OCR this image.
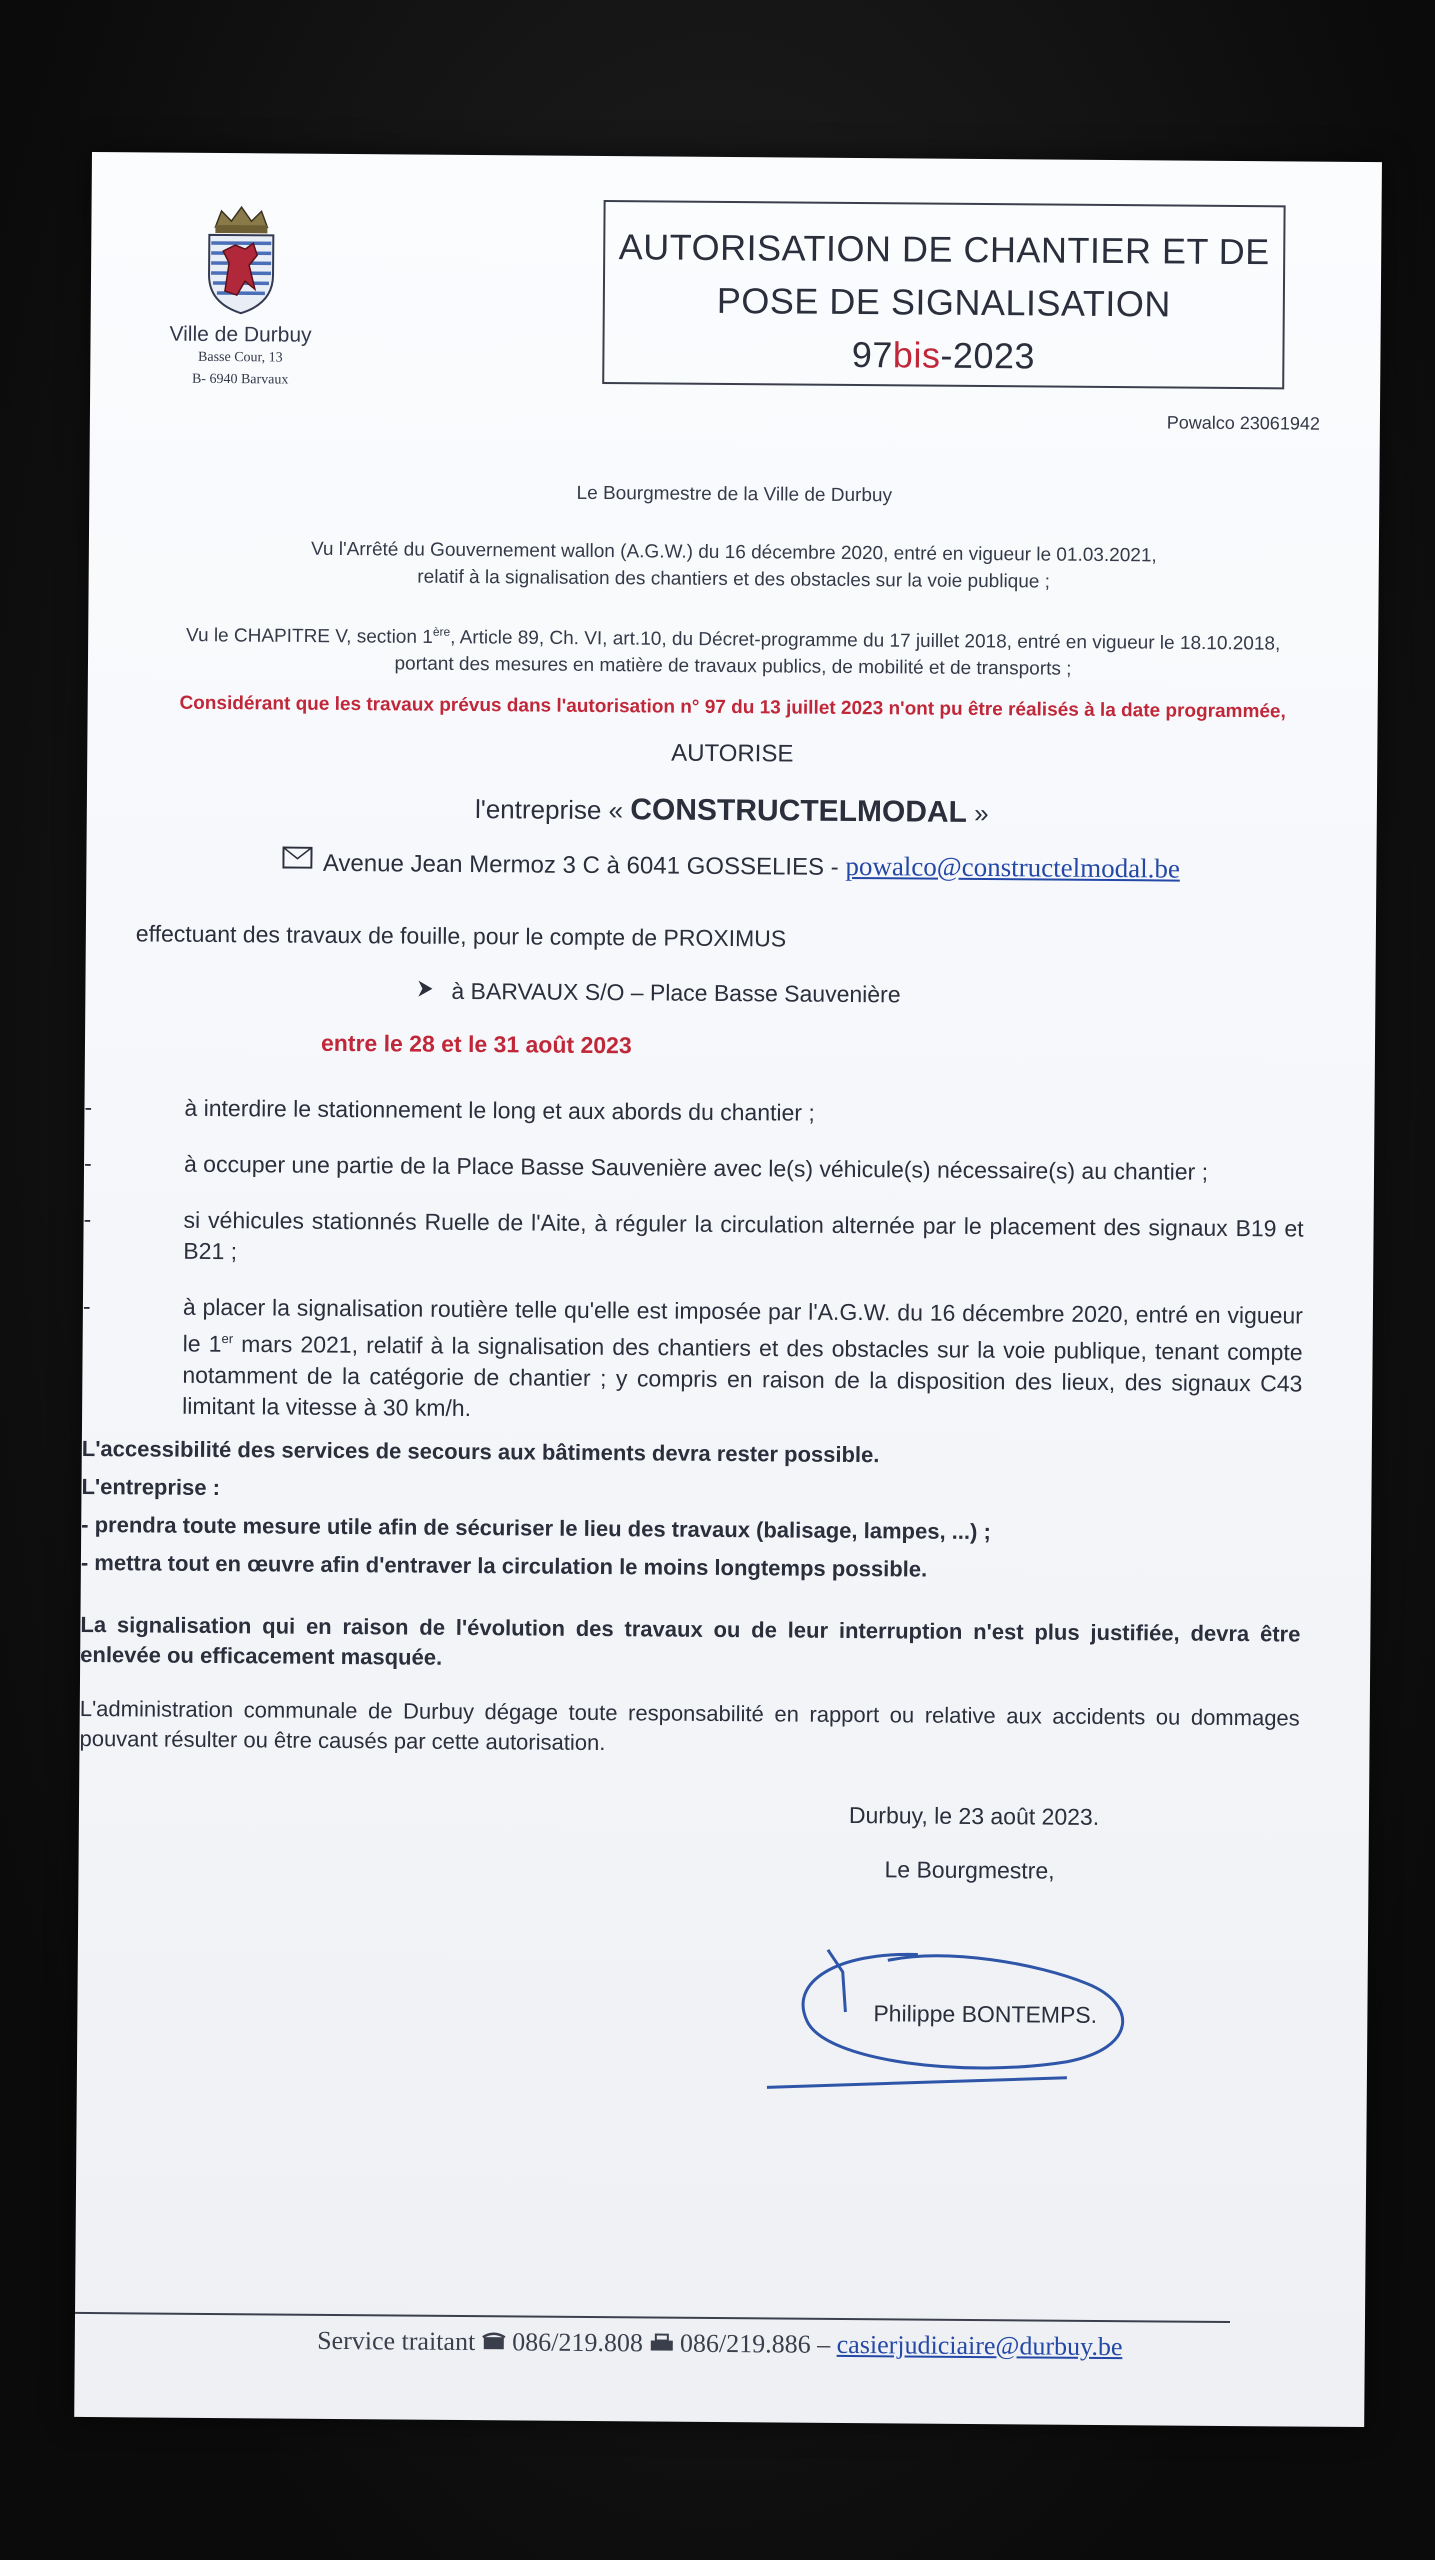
Ville de Durbuy
Basse Cour, 13
B- 6940 Barvaux
AUTORISATION DE CHANTIER ET DE
POSE DE SIGNALISATION
97bis-2023
Powalco 23061942
Le Bourgmestre de la Ville de Durbuy
Vu l'Arrêté du Gouvernement wallon (A.G.W.) du 16 décembre 2020, entré en vigueur le 01.03.2021,
relatif à la signalisation des chantiers et des obstacles sur la voie publique ;
Vu le CHAPITRE V, section 1ère, Article 89, Ch. VI, art.10, du Décret-programme du 17 juillet 2018, entré en vigueur le 18.10.2018,
portant des mesures en matière de travaux publics, de mobilité et de transports ;
Considérant que les travaux prévus dans l'autorisation n° 97 du 13 juillet 2023 n'ont pu être réalisés à la date programmée,
AUTORISE
l'entreprise « CONSTRUCTELMODAL »
Avenue Jean Mermoz 3 C à 6041 GOSSELIES - powalco@constructelmodal.be
effectuant des travaux de fouille, pour le compte de PROXIMUS
à BARVAUX S/O – Place Basse Sauvenière
entre le 28 et le 31 août 2023
-	à interdire le stationnement le long et aux abords du chantier ;
-	à occuper une partie de la Place Basse Sauvenière avec le(s) véhicule(s) nécessaire(s) au chantier ;
-	si véhicules stationnés Ruelle de l'Aite, à réguler la circulation alternée par le placement des signaux B19 et B21 ;
-	à placer la signalisation routière telle qu'elle est imposée par l'A.G.W. du 16 décembre 2020, entré en vigueur le 1er mars 2021, relatif à la signalisation des chantiers et des obstacles sur la voie publique, tenant compte notamment de la catégorie de chantier ; y compris en raison de la disposition des lieux, des signaux C43 limitant la vitesse à 30 km/h.
L'accessibilité des services de secours aux bâtiments devra rester possible.
L'entreprise :
- prendra toute mesure utile afin de sécuriser le lieu des travaux (balisage, lampes, ...) ;
- mettra tout en œuvre afin d'entraver la circulation le moins longtemps possible.
La signalisation qui en raison de l'évolution des travaux ou de leur interruption n'est plus justifiée, devra être enlevée ou efficacement masquée.
L'administration communale de Durbuy dégage toute responsabilité en rapport ou relative aux accidents ou dommages pouvant résulter ou être causés par cette autorisation.
Durbuy, le 23 août 2023.
Le Bourgmestre,
Philippe BONTEMPS.
Service traitant  086/219.808  086/219.886 – casierjudiciaire@durbuy.be
